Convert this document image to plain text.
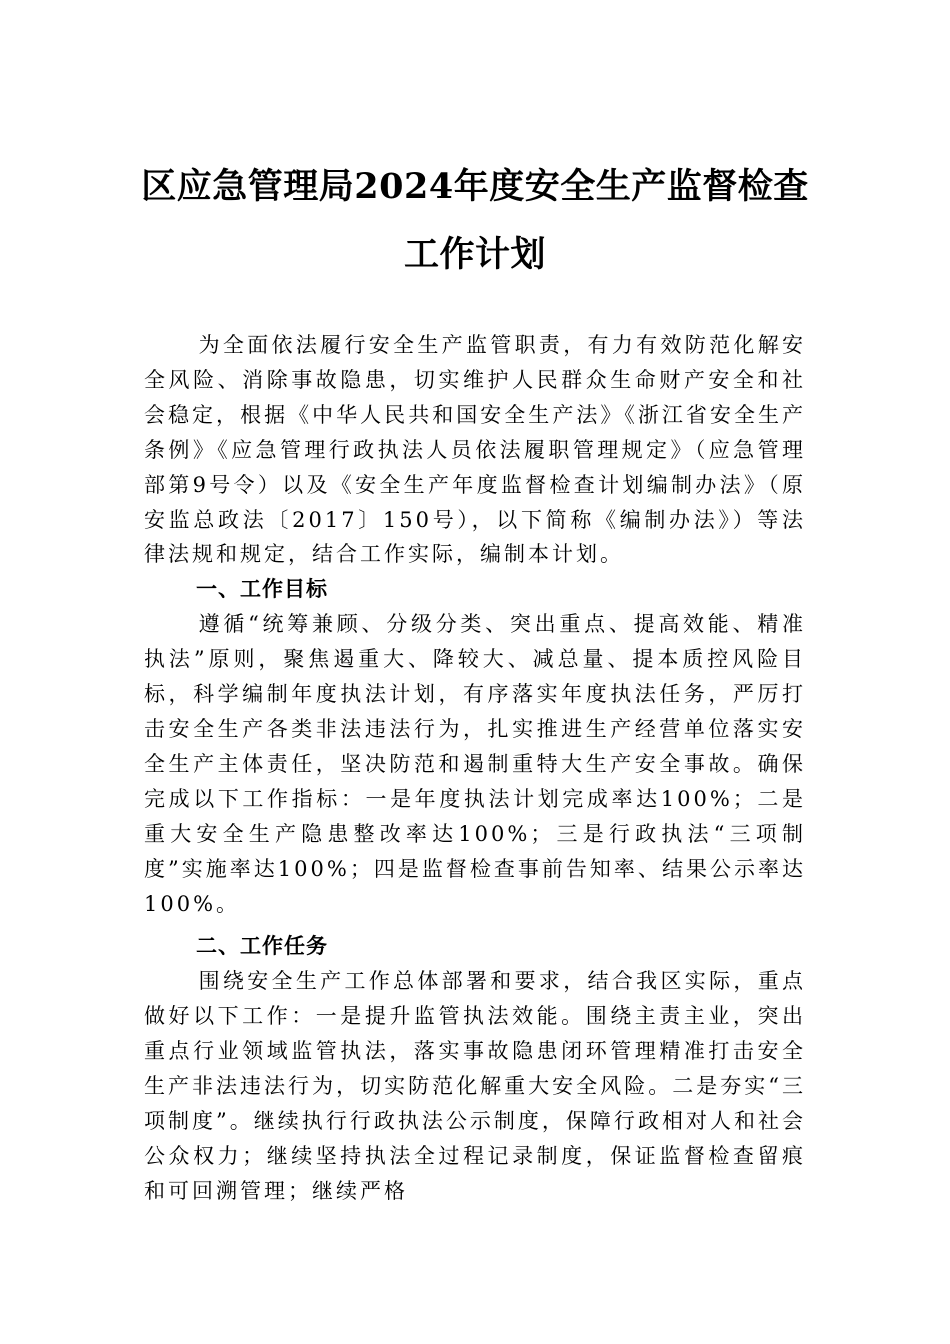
区应急管理局2024年度安全生产监督检查
工作计划

为全面依法履行安全生产监管职责，有力有效防范化解安全风险、消除事故隐患，切实维护人民群众生命财产安全和社会稳定，根据《中华人民共和国安全生产法》《浙江省安全生产条例》《应急管理行政执法人员依法履职管理规定》（应急管理部第9号令）以及《安全生产年度监督检查计划编制办法》（原安监总政法〔2017〕150号），以下简称《编制办法》）等法律法规和规定，结合工作实际，编制本计划。

一、工作目标

遵循“统筹兼顾、分级分类、突出重点、提高效能、精准执法”原则，聚焦遏重大、降较大、减总量、提本质控风险目标，科学编制年度执法计划，有序落实年度执法任务，严厉打击安全生产各类非法违法行为，扎实推进生产经营单位落实安全生产主体责任，坚决防范和遏制重特大生产安全事故。确保完成以下工作指标：一是年度执法计划完成率达100%；二是重大安全生产隐患整改率达100%；三是行政执法“三项制度”实施率达100%；四是监督检查事前告知率、结果公示率达100%。

二、工作任务

围绕安全生产工作总体部署和要求，结合我区实际，重点做好以下工作：一是提升监管执法效能。围绕主责主业，突出重点行业领域监管执法，落实事故隐患闭环管理精准打击安全生产非法违法行为，切实防范化解重大安全风险。二是夯实“三项制度”。继续执行行政执法公示制度，保障行政相对人和社会公众权力；继续坚持执法全过程记录制度，保证监督检查留痕和可回溯管理；继续严格
